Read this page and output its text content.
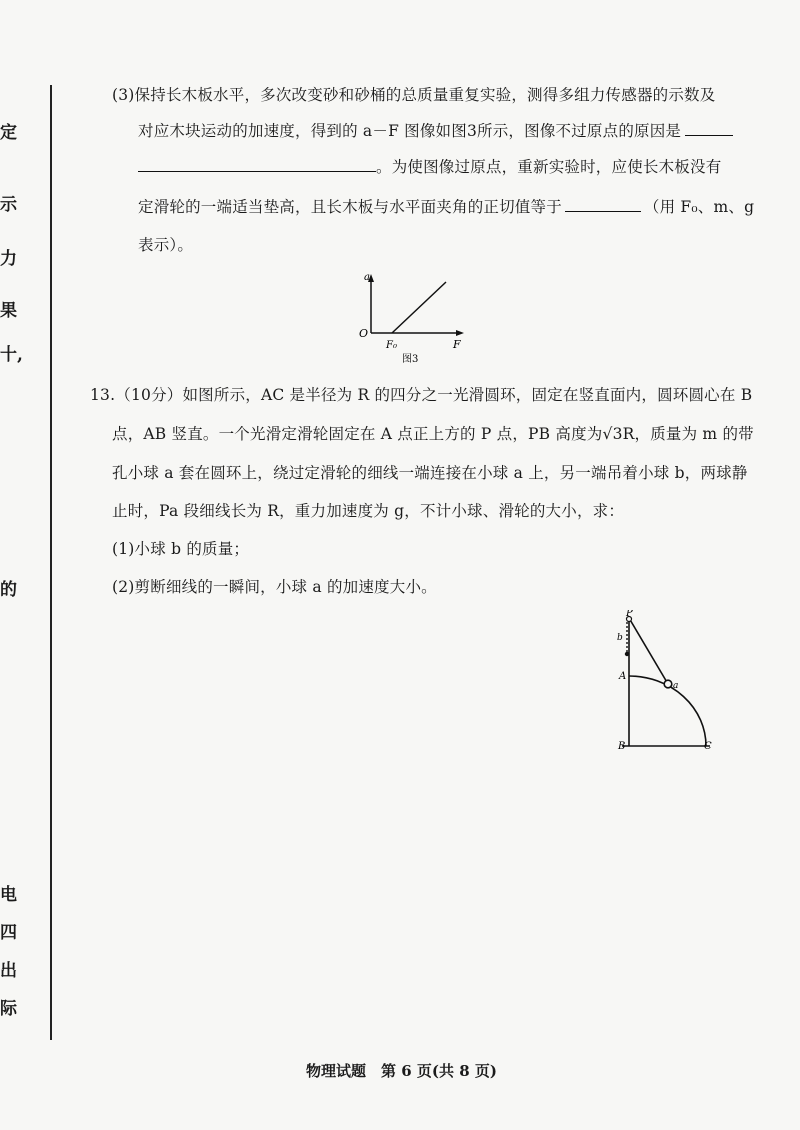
定
示
力
果
十,
的
电
四
出
际
(3)保持长木板水平，多次改变砂和砂桶的总质量重复实验，测得多组力传感器的示数及
对应木块运动的加速度，得到的 a－F 图像如图3所示，图像不过原点的原因是
。为使图像过原点，重新实验时，应使长木板没有
定滑轮的一端适当垫高，且长木板与水平面夹角的正切值等于	（用 F₀、m、g
表示）。
a
O
F
F₀
图3
13.（10分）如图所示，AC 是半径为 R 的四分之一光滑圆环，固定在竖直面内，圆环圆心在 B
点，AB 竖直。一个光滑定滑轮固定在 A 点正上方的 P 点，PB 高度为√3R，质量为 m 的带
孔小球 a 套在圆环上，绕过定滑轮的细线一端连接在小球 a 上，另一端吊着小球 b，两球静
止时，Pa 段细线长为 R，重力加速度为 g，不计小球、滑轮的大小，求：
(1)小球 b 的质量；
(2)剪断细线的一瞬间，小球 a 的加速度大小。
P
b
A
a
B	C
物理试题　第 6 页(共 8 页)
